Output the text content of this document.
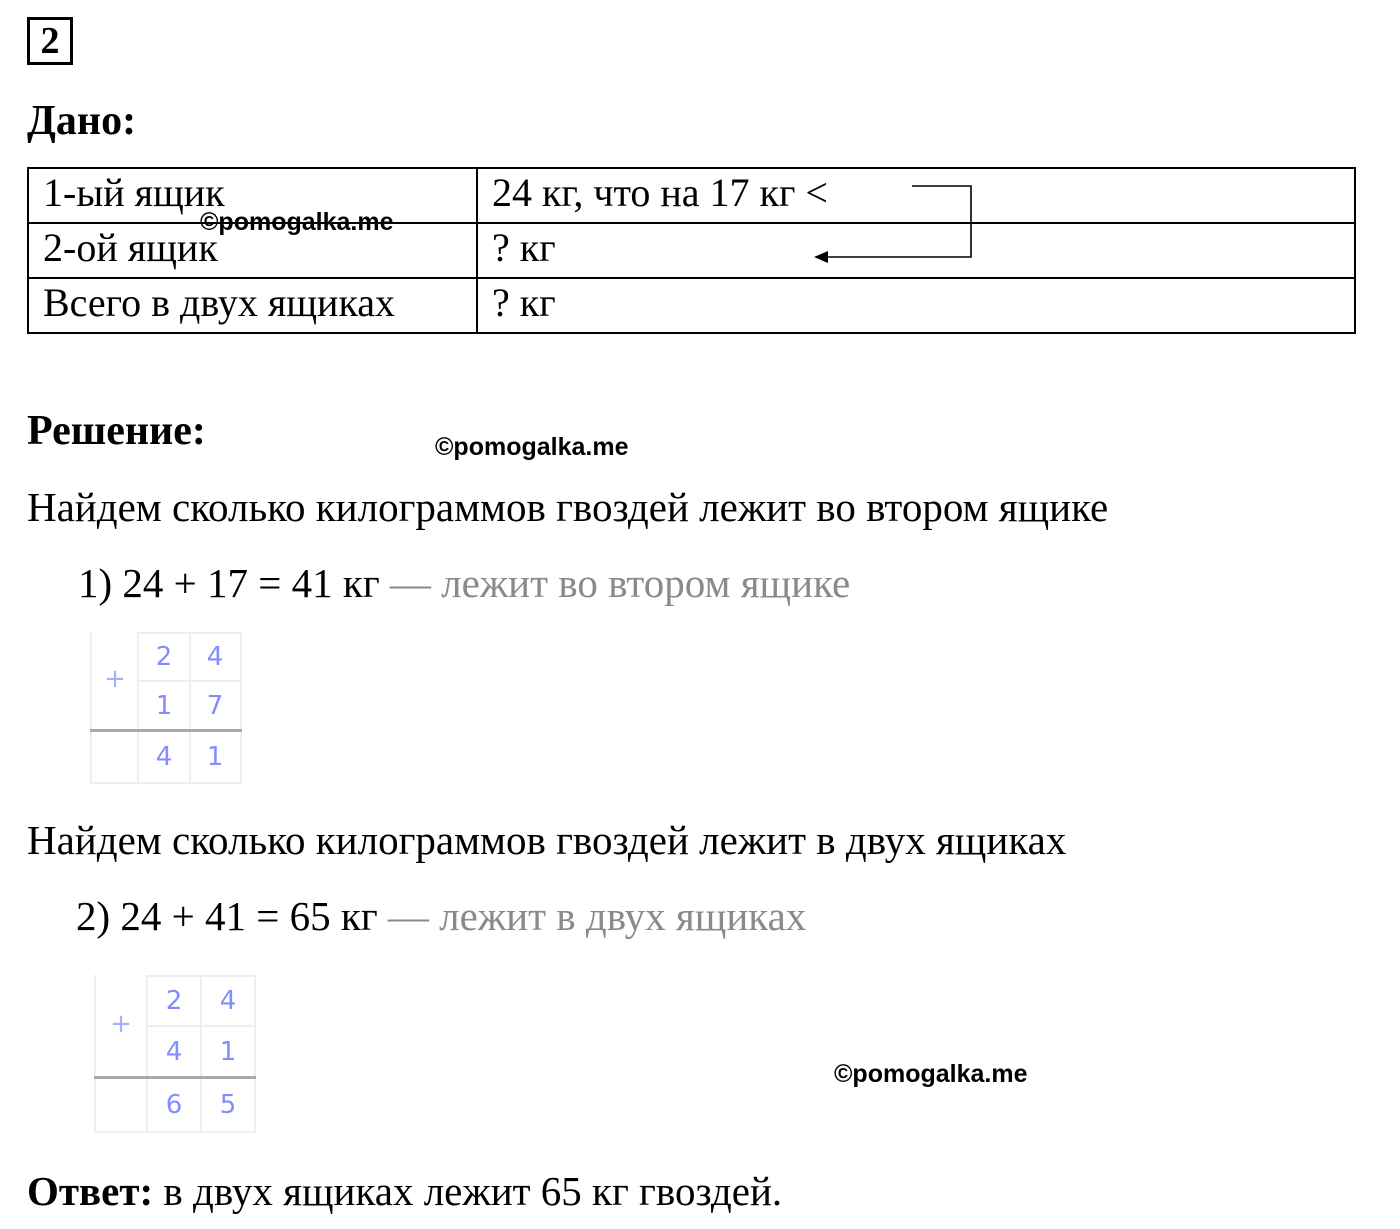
2
Дано:
1-ый ящик	24 кг, что на 17 кг <
2-ой ящик	? кг
Всего в двух ящиках	? кг
©pomogalka.me
Решение:	©pomogalka.me
Найдем сколько килограммов гвоздей лежит во втором ящике
1) 24 + 17 = 41 кг — лежит во втором ящике
+
2	4
1	7
4	1
Найдем сколько килограммов гвоздей лежит в двух ящиках
2) 24 + 41 = 65 кг — лежит в двух ящиках
+
2	4
4	1
6	5
©pomogalka.me
Ответ: в двух ящиках лежит 65 кг гвоздей.
